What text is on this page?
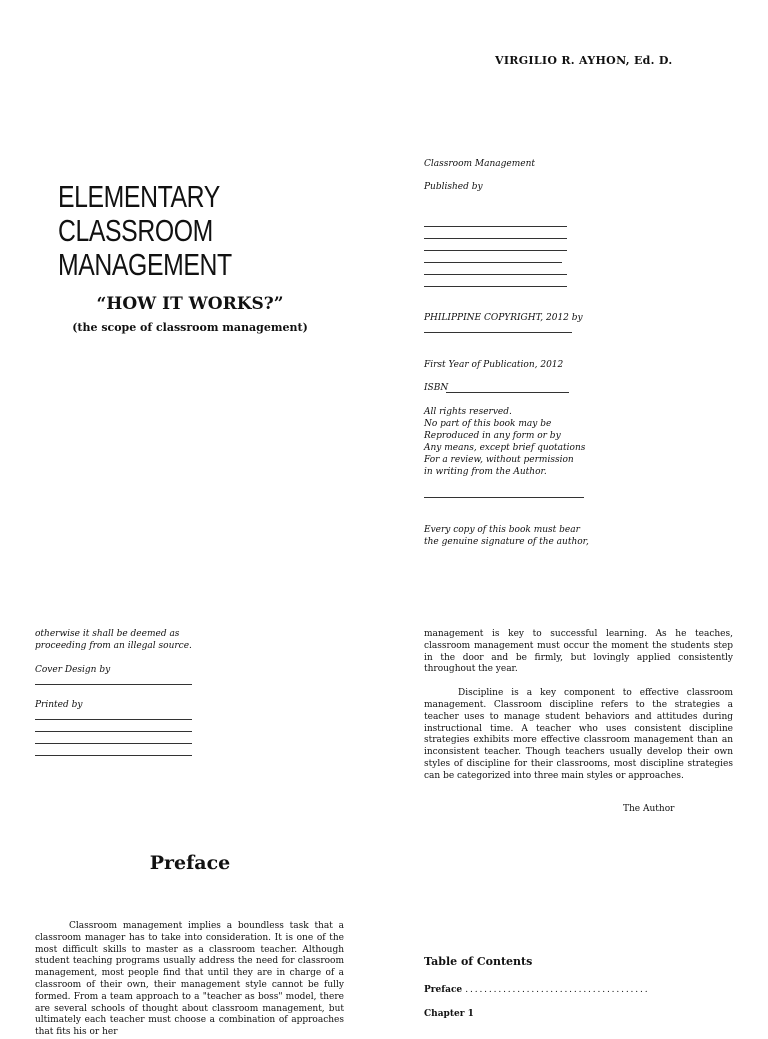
VIRGILIO R. AYHON, Ed. D.
ELEMENTARY CLASSROOM
MANAGEMENT
“HOW IT WORKS?”
(the scope of classroom management)
Classroom Management
Published by
PHILIPPINE COPYRIGHT, 2012 by
First Year of Publication, 2012
ISBN
All rights reserved.
No part of this book may be
Reproduced in any form or by
Any means, except brief quotations
For a review, without permission
in writing from the Author.
Every copy of this book must bear
the genuine signature of the author,
otherwise it shall be deemed as
proceeding from an illegal source.
Cover Design by
Printed by

management is key to successful learning. As he teaches, classroom management must occur the moment the students step in the door and be firmly, but lovingly applied consistently throughout the year.

Discipline is a key component to effective classroom management. Classroom discipline refers to the strategies a teacher uses to manage student behaviors and attitudes during instructional time. A teacher who uses consistent discipline strategies exhibits more effective classroom management than an inconsistent teacher. Though teachers usually develop their own styles of discipline for their classrooms, most discipline strategies can be categorized into three main styles or approaches.

The Author
Preface

Classroom management implies a boundless task that a classroom manager has to take into consideration. It is one of the most difficult skills to master as a classroom teacher. Although student teaching programs usually address the need for classroom management, most people find that until they are in charge of a classroom of their own, their management style cannot be fully formed. From a team approach to a "teacher as boss" model, there are several schools of thought about classroom management, but ultimately each teacher must choose a combination of approaches that fits his or her

Table of Contents
Preface . . . . . . . . . . . . . . . . . . . . . . . . . . . . . . . . . . . . . . .
Chapter 1
